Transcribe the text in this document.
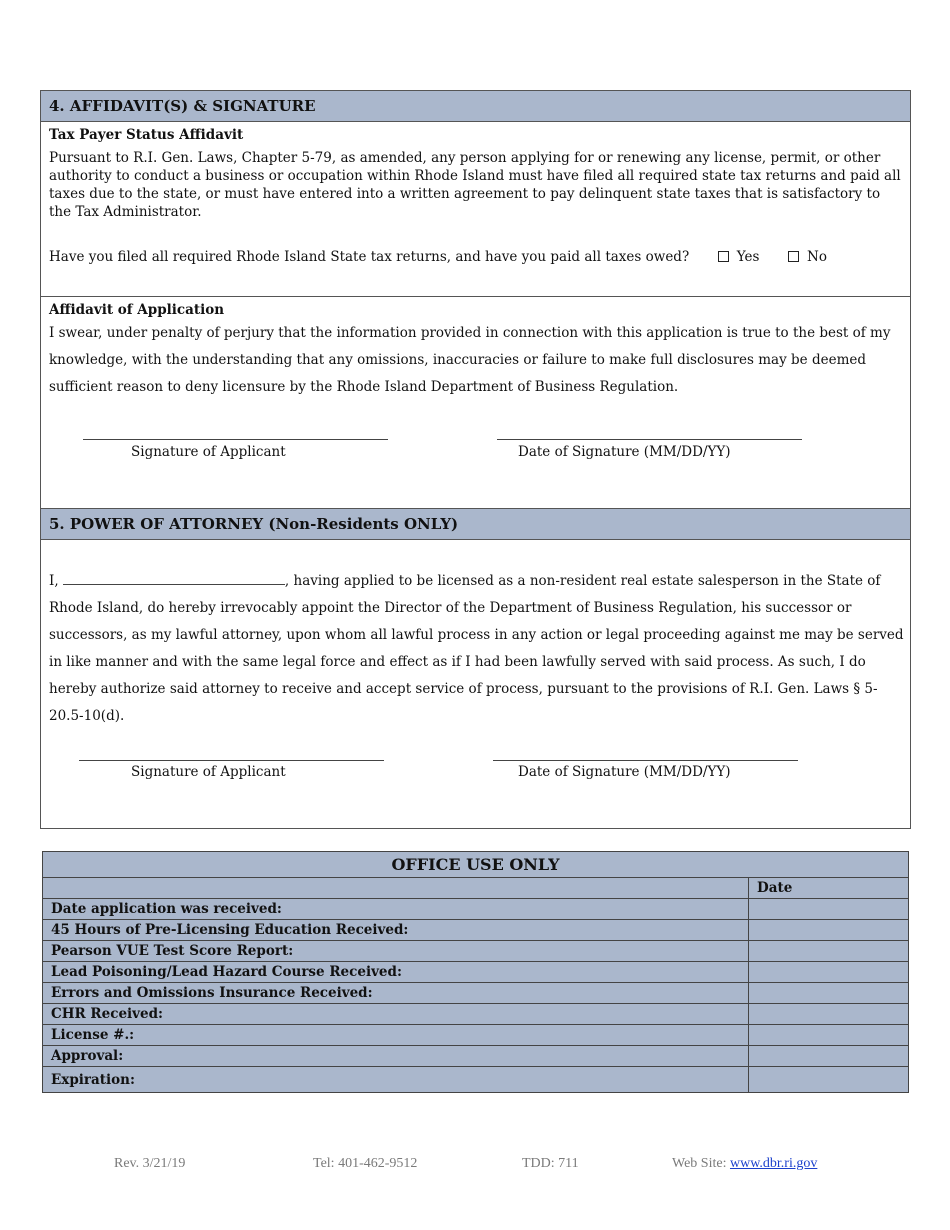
4. AFFIDAVIT(S) & SIGNATURE
Tax Payer Status Affidavit
Pursuant to R.I. Gen. Laws, Chapter 5-79, as amended, any person applying for or renewing any license, permit, or other authority to conduct a business or occupation within Rhode Island must have filed all required state tax returns and paid all taxes due to the state, or must have entered into a written agreement to pay delinquent state taxes that is satisfactory to the Tax Administrator.
Have you filed all required Rhode Island State tax returns, and have you paid all taxes owed?	Yes	No
Affidavit of Application
I swear, under penalty of perjury that the information provided in connection with this application is true to the best of my knowledge, with the understanding that any omissions, inaccuracies or failure to make full disclosures may be deemed sufficient reason to deny licensure by the Rhode Island Department of Business Regulation.
Signature of Applicant	Date of Signature (MM/DD/YY)
5. POWER OF ATTORNEY (Non-Residents ONLY)
I,	, having applied to be licensed as a non-resident real estate salesperson in the State of Rhode Island, do hereby irrevocably appoint the Director of the Department of Business Regulation, his successor or successors, as my lawful attorney, upon whom all lawful process in any action or legal proceeding against me may be served in like manner and with the same legal force and effect as if I had been lawfully served with said process. As such, I do hereby authorize said attorney to receive and accept service of process, pursuant to the provisions of R.I. Gen. Laws § 5-20.5-10(d).
Signature of Applicant	Date of Signature (MM/DD/YY)
OFFICE USE ONLY	
	Date
Date application was received:	
45 Hours of Pre-Licensing Education Received:	
Pearson VUE Test Score Report:	
Lead Poisoning/Lead Hazard Course Received:	
Errors and Omissions Insurance Received:	
CHR Received:	
License #.:	
Approval:	
Expiration:	
Rev. 3/21/19	Tel: 401-462-9512	TDD: 711	Web Site: www.dbr.ri.gov
